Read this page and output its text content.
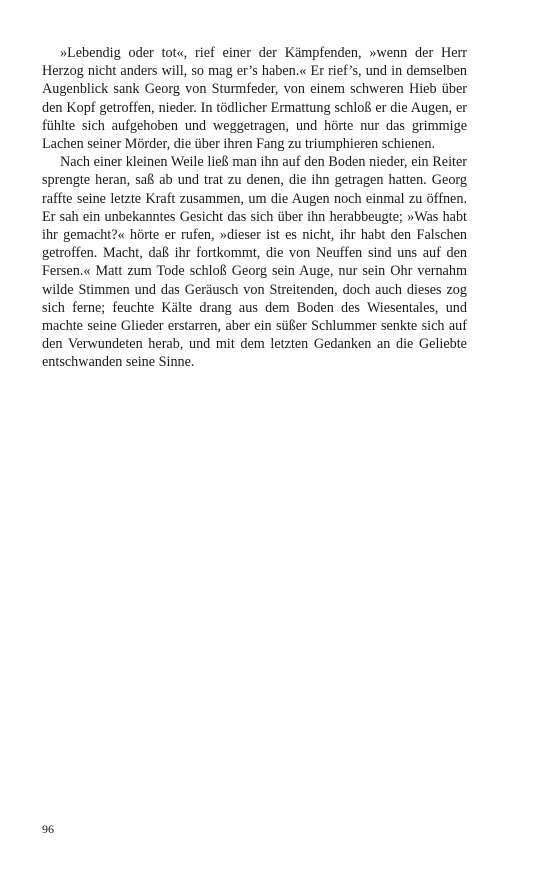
»Lebendig oder tot«, rief einer der Kämpfenden, »wenn der Herr Herzog nicht anders will, so mag er’s haben.« Er rief’s, und in demselben Augenblick sank Georg von Sturmfeder, von einem schweren Hieb über den Kopf getroffen, nieder. In tödlicher Ermattung schloß er die Augen, er fühlte sich aufgehoben und weggetragen, und hörte nur das grimmige Lachen seiner Mörder, die über ihren Fang zu triumphieren schienen.

Nach einer kleinen Weile ließ man ihn auf den Boden nieder, ein Reiter sprengte heran, saß ab und trat zu denen, die ihn getragen hatten. Georg raffte seine letzte Kraft zusammen, um die Augen noch einmal zu öffnen. Er sah ein unbekanntes Gesicht das sich über ihn herabbeugte; »Was habt ihr gemacht?« hörte er rufen, »dieser ist es nicht, ihr habt den Falschen getroffen. Macht, daß ihr fortkommt, die von Neuffen sind uns auf den Fersen.« Matt zum Tode schloß Georg sein Auge, nur sein Ohr vernahm wilde Stimmen und das Geräusch von Streitenden, doch auch dieses zog sich ferne; feuchte Kälte drang aus dem Boden des Wiesentales, und machte seine Glieder erstarren, aber ein süßer Schlummer senkte sich auf den Verwundeten herab, und mit dem letzten Gedanken an die Geliebte entschwanden seine Sinne.

96
